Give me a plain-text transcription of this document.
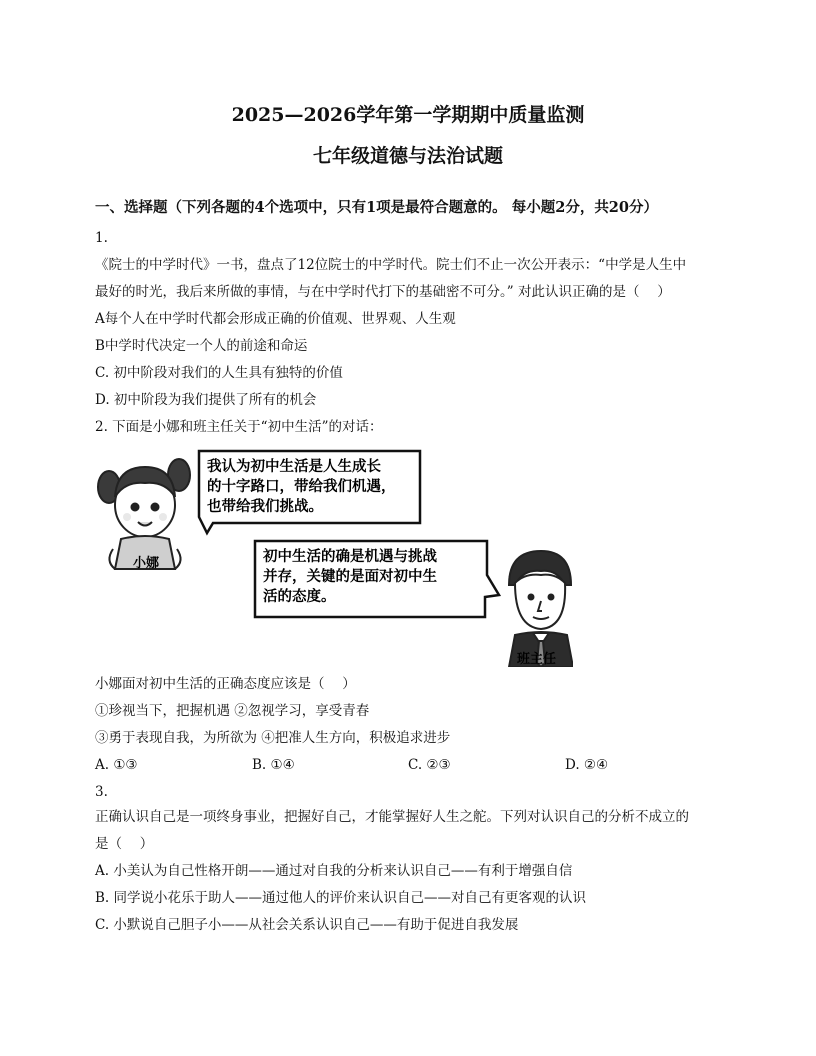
2025—2026学年第一学期期中质量监测
七年级道德与法治试题
一、选择题（下列各题的4个选项中，只有1项是最符合题意的。 每小题2分，共20分）
1.
《院士的中学时代》一书，盘点了12位院士的中学时代。院士们不止一次公开表示：“中学是人生中
最好的时光，我后来所做的事情，与在中学时代打下的基础密不可分。” 对此认识正确的是（　 ）
A每个人在中学时代都会形成正确的价值观、世界观、人生观
B中学时代决定一个人的前途和命运
C. 初中阶段对我们的人生具有独特的价值
D. 初中阶段为我们提供了所有的机会
2. 下面是小娜和班主任关于“初中生活”的对话：
小娜
我认为初中生活是人生成长
的十字路口，带给我们机遇，
也带给我们挑战。
初中生活的确是机遇与挑战
并存，关键的是面对初中生
活的态度。
班主任
小娜面对初中生活的正确态度应该是（　 ）
①珍视当下，把握机遇 ②忽视学习，享受青春
③勇于表现自我，为所欲为 ④把准人生方向，积极追求进步
A. ①③	B. ①④	C. ②③	D. ②④
3.
正确认识自己是一项终身事业，把握好自己，才能掌握好人生之舵。下列对认识自己的分析不成立的
是（　 ）
A. 小美认为自己性格开朗——通过对自我的分析来认识自己——有利于增强自信
B. 同学说小花乐于助人——通过他人的评价来认识自己——对自己有更客观的认识
C. 小默说自己胆子小——从社会关系认识自己——有助于促进自我发展
